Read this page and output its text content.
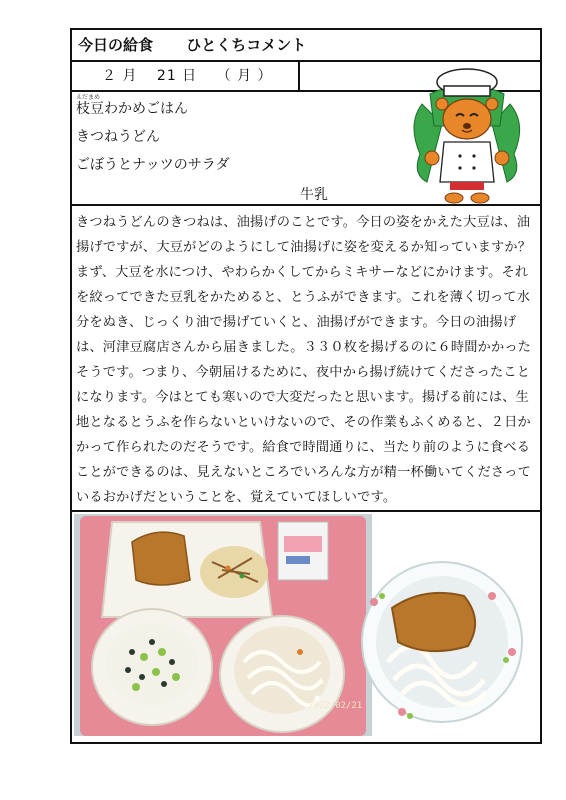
今日の給食 ひとくちコメント
２ 月 21 日 （ 月 ）
えだまめ
枝豆わかめごはん
きつねうどん
ごぼうとナッツのサラダ
牛乳
きつねうどんのきつねは、油揚げのことです。今日の姿をかえた大豆は、油揚げですが、大豆がどのようにして油揚げに姿を変えるか知っていますか？まず、大豆を水につけ、やわらかくしてからミキサーなどにかけます。それを絞ってできた豆乳をかためると、とうふができます。これを薄く切って水分をぬき、じっくり油で揚げていくと、油揚げができます。今日の油揚げは、河津豆腐店さんから届きました。３３０枚を揚げるのに６時間かかったそうです。つまり、今朝届けるために、夜中から揚げ続けてくださったことになります。今はとても寒いので大変だったと思います。揚げる前には、生地となるとうふを作らないといけないので、その作業もふくめると、２日かかって作られたのだそうです。給食で時間通りに、当たり前のように食べることができるのは、見えないところでいろんな方が精一杯働いてくださっているおかげだということを、覚えていてほしいです。
2022/02/21
